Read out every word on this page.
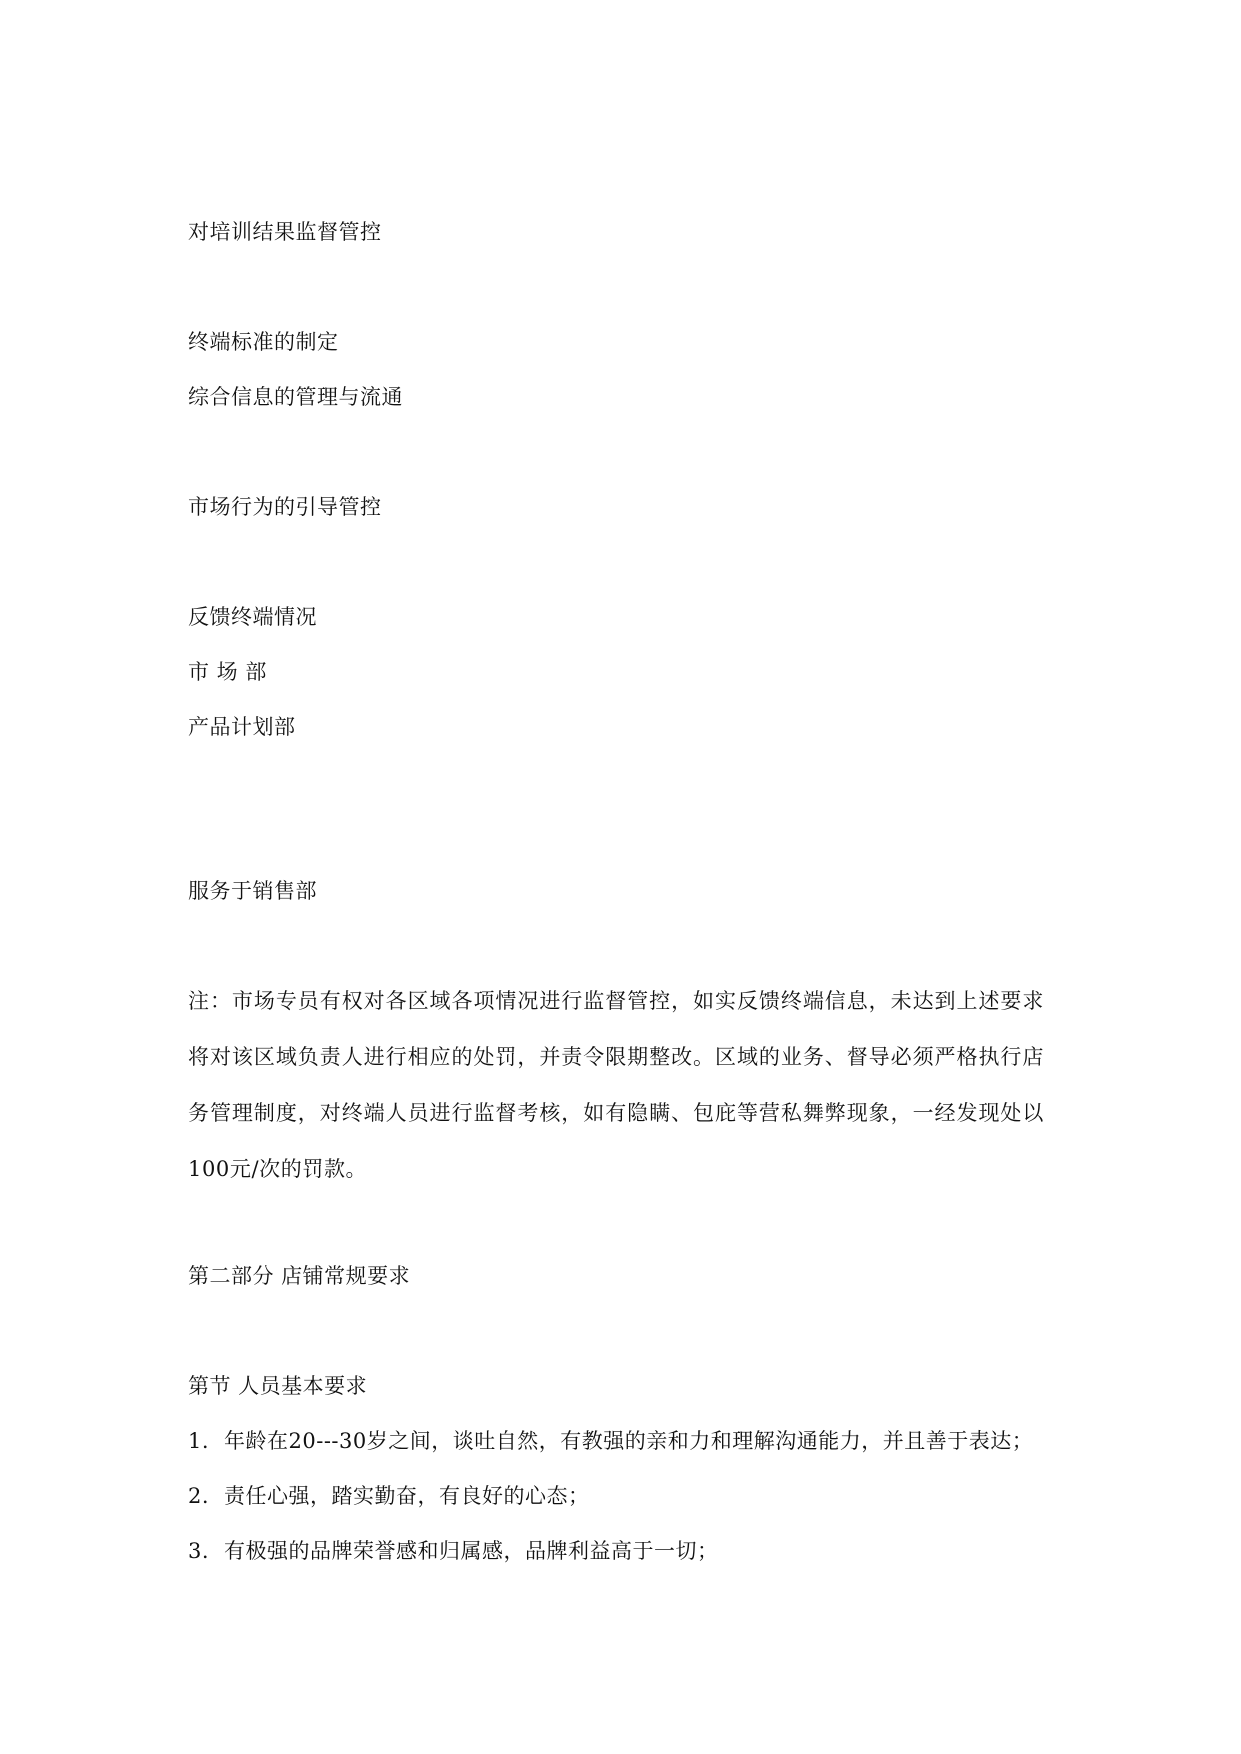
对培训结果监督管控
终端标准的制定
综合信息的管理与流通
市场行为的引导管控
反馈终端情况
市 场 部
产品计划部
服务于销售部
注：市场专员有权对各区域各项情况进行监督管控，如实反馈终端信息，未达到上述要求将对该区域负责人进行相应的处罚，并责令限期整改。区域的业务、督导必须严格执行店务管理制度，对终端人员进行监督考核，如有隐瞒、包庇等营私舞弊现象，一经发现处以100元/次的罚款。
第二部分 店铺常规要求
第节 人员基本要求
1. 年龄在20---30岁之间，谈吐自然，有教强的亲和力和理解沟通能力，并且善于表达；
2. 责任心强，踏实勤奋，有良好的心态；
3. 有极强的品牌荣誉感和归属感，品牌利益高于一切；
